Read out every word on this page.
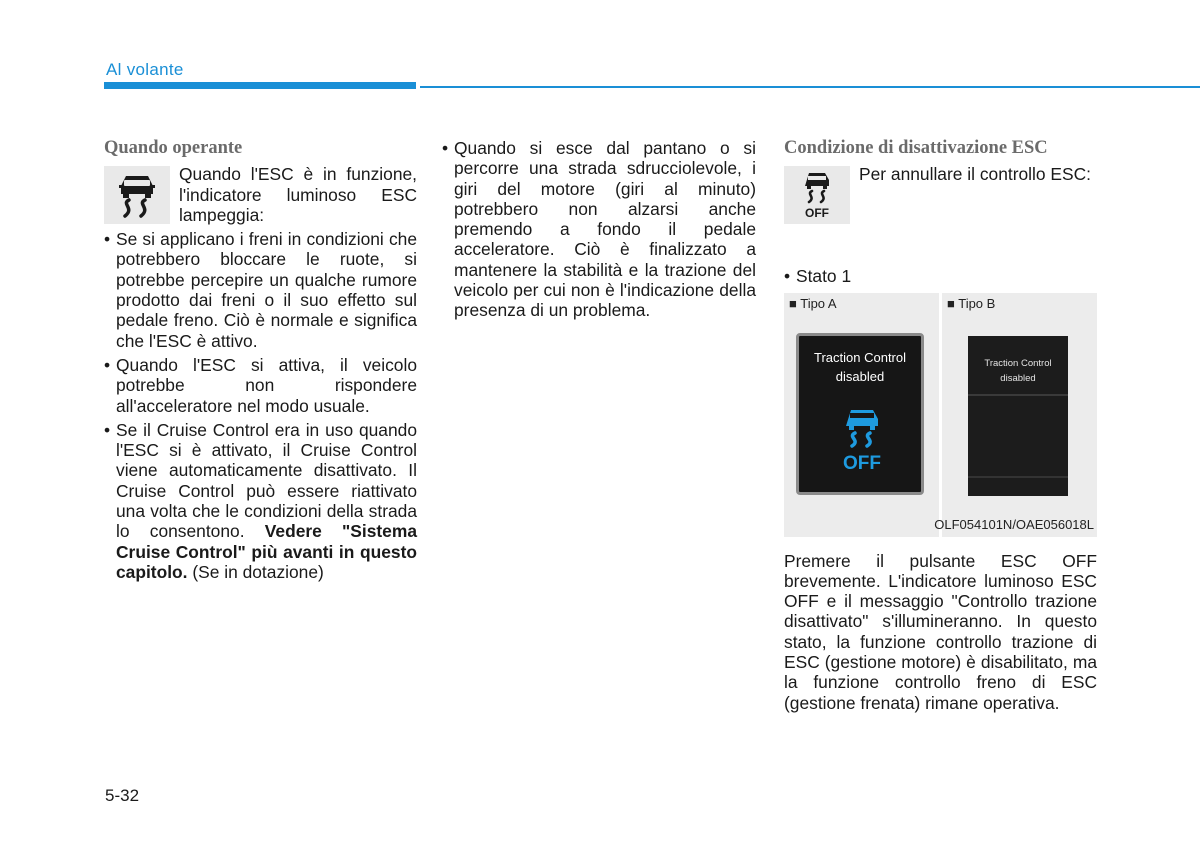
Al volante
Quando operante
Quando l'ESC è in funzione, l'indicatore luminoso ESC lampeggia:
• Se si applicano i freni in condizioni che potrebbero bloccare le ruote, si potrebbe percepire un qualche rumore prodotto dai freni o il suo effetto sul pedale freno. Ciò è normale e significa che l'ESC è attivo.
• Quando l'ESC si attiva, il veicolo potrebbe non rispondere all'acceleratore nel modo usuale.
• Se il Cruise Control era in uso quando l'ESC si è attivato, il Cruise Control viene automaticamente disattivato. Il Cruise Control può essere riattivato una volta che le condizioni della strada lo consentono. Vedere "Sistema Cruise Control" più avanti in questo capitolo. (Se in dotazione)
• Quando si esce dal pantano o si percorre una strada sdrucciolevole, i giri del motore (giri al minuto) potrebbero non alzarsi anche premendo a fondo il pedale acceleratore. Ciò è finalizzato a mantenere la stabilità e la trazione del veicolo per cui non è l'indicazione della presenza di un problema.
Condizione di disattivazione ESC
OFF
Per annullare il controllo ESC:
• Stato 1
■ Tipo A	■ Tipo B
Traction Control
disabled
OFF
Traction Control
disabled
OLF054101N/OAE056018L
Premere il pulsante ESC OFF brevemente. L'indicatore luminoso ESC OFF e il messaggio "Controllo trazione disattivato" s'illumineranno. In questo stato, la funzione controllo trazione di ESC (gestione motore) è disabilitato, ma la funzione controllo freno di ESC (gestione frenata) rimane operativa.
5-32
